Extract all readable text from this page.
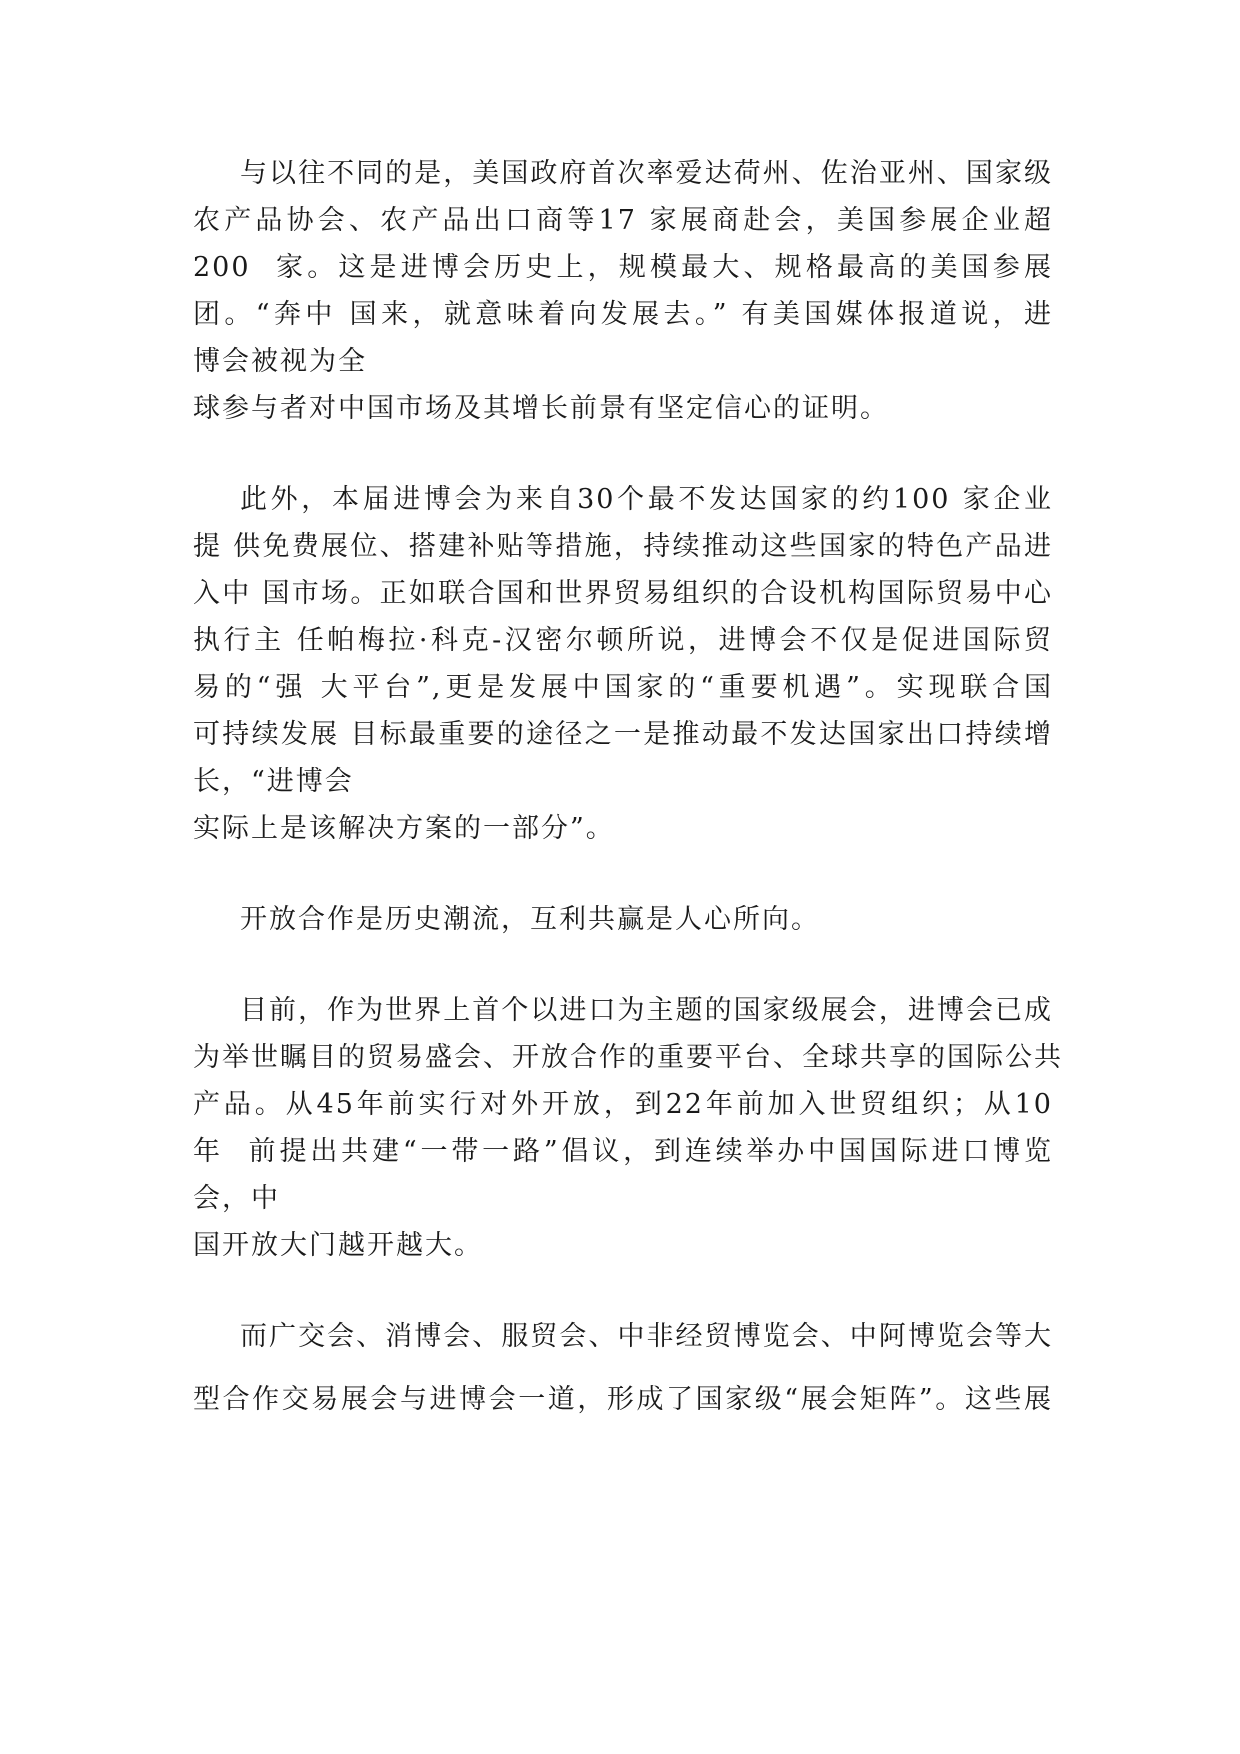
与以往不同的是，美国政府首次率爱达荷州、佐治亚州、国家级
农产品协会、农产品出口商等17 家展商赴会，美国参展企业超
200  家。这是进博会历史上，规模最大、规格最高的美国参展
团。“奔中 国来，就意味着向发展去。” 有美国媒体报道说，进
博会被视为全
球参与者对中国市场及其增长前景有坚定信心的证明。
此外，本届进博会为来自30个最不发达国家的约100 家企业
提 供免费展位、搭建补贴等措施，持续推动这些国家的特色产品进
入中 国市场。正如联合国和世界贸易组织的合设机构国际贸易中心
执行主 任帕梅拉·科克-汉密尔顿所说，进博会不仅是促进国际贸
易的“强 大平台”,更是发展中国家的“重要机遇”。实现联合国
可持续发展 目标最重要的途径之一是推动最不发达国家出口持续增
长，“进博会
实际上是该解决方案的一部分”。
开放合作是历史潮流，互利共赢是人心所向。
目前，作为世界上首个以进口为主题的国家级展会，进博会已成
为举世瞩目的贸易盛会、开放合作的重要平台、全球共享的国际公共
产品。从45年前实行对外开放，到22年前加入世贸组织；从10
年  前提出共建“一带一路”倡议，到连续举办中国国际进口博览
会，中
国开放大门越开越大。
而广交会、消博会、服贸会、中非经贸博览会、中阿博览会等大
型合作交易展会与进博会一道，形成了国家级“展会矩阵”。这些展
